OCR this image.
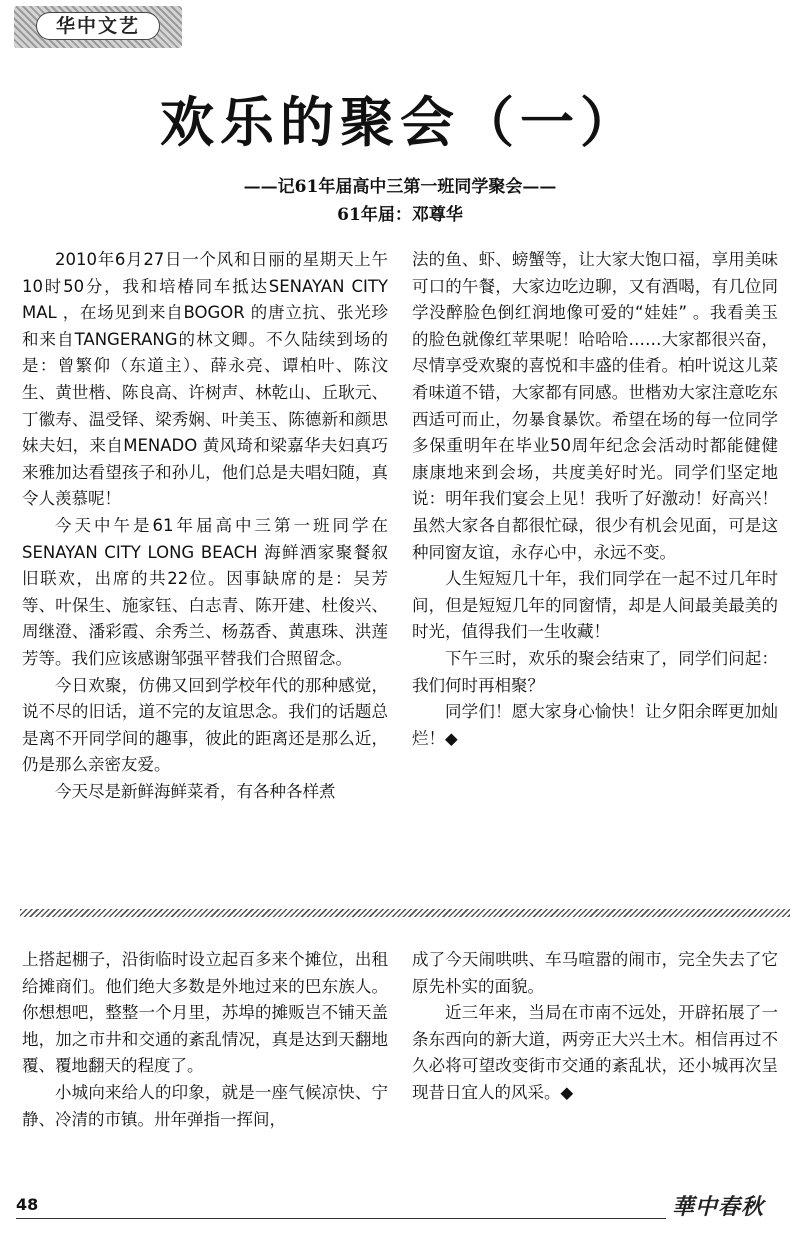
华中文艺
欢乐的聚会（一）
——记61年届高中三第一班同学聚会——
61年届：邓尊华

2010年6月27日一个风和日丽的星期天上午10时50分，我和培椿同车抵达SENAYAN CITY MAL ，在场见到来自BOGOR 的唐立抗、张光珍和来自TANGERANG的林文卿。不久陆续到场的是：曾繁仰（东道主）、薛永亮、谭柏叶、陈汶生、黄世楷、陈良高、许树声、林乾山、丘耿元、丁徽寿、温受铎、梁秀娴、叶美玉、陈德新和颜思妹夫妇，来自MENADO 黄风琦和梁嘉华夫妇真巧来雅加达看望孩子和孙儿，他们总是夫唱妇随，真令人羡慕呢！

今天中午是61年届高中三第一班同学在SENAYAN CITY LONG BEACH 海鲜酒家聚餐叙旧联欢，出席的共22位。因事缺席的是：吴芳等、叶保生、施家钰、白志青、陈开建、杜俊兴、周继澄、潘彩霞、余秀兰、杨荔香、黄惠珠、洪莲芳等。我们应该感谢邹强平替我们合照留念。

今日欢聚，仿佛又回到学校年代的那种感觉，说不尽的旧话，道不完的友谊思念。我们的话题总是离不开同学间的趣事，彼此的距离还是那么近，仍是那么亲密友爱。

今天尽是新鲜海鲜菜肴，有各种各样煮

法的鱼、虾、螃蟹等，让大家大饱口福，享用美味可口的午餐，大家边吃边聊，又有酒喝，有几位同学没醉脸色倒红润地像可爱的“娃娃” 。我看美玉的脸色就像红苹果呢！哈哈哈……大家都很兴奋，尽情享受欢聚的喜悦和丰盛的佳肴。柏叶说这儿菜肴味道不错，大家都有同感。世楷劝大家注意吃东西适可而止，勿暴食暴饮。希望在场的每一位同学多保重明年在毕业50周年纪念会活动时都能健健康康地来到会场，共度美好时光。同学们坚定地说：明年我们宴会上见！我听了好激动！好高兴！虽然大家各自都很忙碌，很少有机会见面，可是这种同窗友谊，永存心中，永远不变。

人生短短几十年，我们同学在一起不过几年时间，但是短短几年的同窗情，却是人间最美最美的时光，值得我们一生收藏！

下午三时，欢乐的聚会结束了，同学们问起：我们何时再相聚？

同学们！愿大家身心愉快！让夕阳余晖更加灿烂！◆

上搭起棚子，沿街临时设立起百多来个摊位，出租给摊商们。他们绝大多数是外地过来的巴东族人。你想想吧，整整一个月里，苏埠的摊贩岂不铺天盖地，加之市井和交通的紊乱情况，真是达到天翻地覆、覆地翻天的程度了。

小城向来给人的印象，就是一座气候凉快、宁静、冷清的市镇。卅年弹指一挥间，

成了今天闹哄哄、车马喧嚣的闹市，完全失去了它原先朴实的面貌。

近三年来，当局在市南不远处，开辟拓展了一条东西向的新大道，两旁正大兴土木。相信再过不久必将可望改变街市交通的紊乱状，还小城再次呈现昔日宜人的风采。◆

48	華中春秋
